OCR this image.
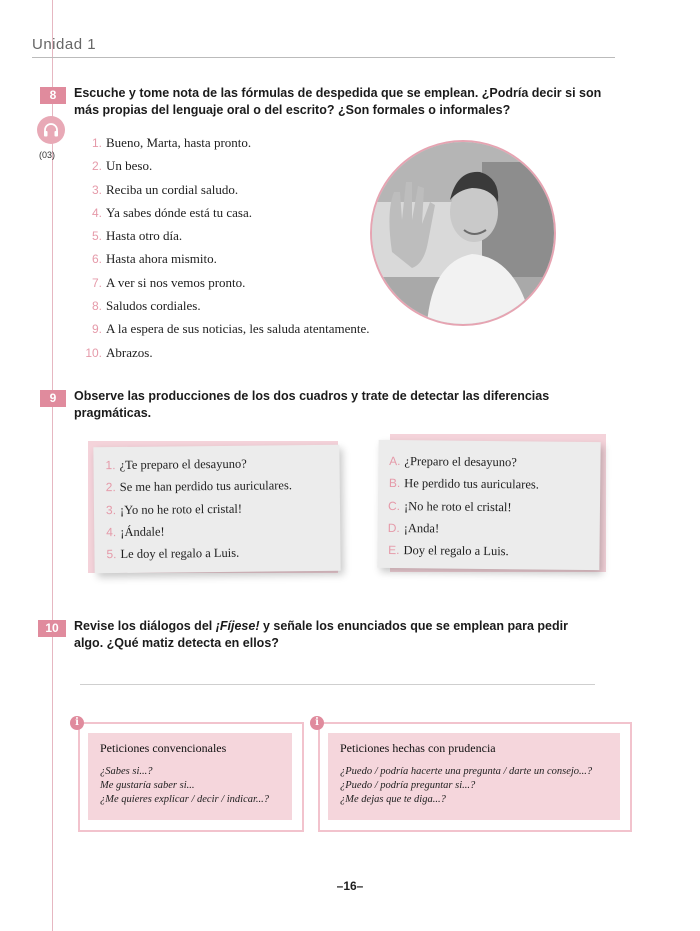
Unidad 1
8	Escuche y tome nota de las fórmulas de despedida que se emplean. ¿Podría decir si son más propias del lenguaje oral o del escrito? ¿Son formales o informales?
(03)
1. Bueno, Marta, hasta pronto.
2. Un beso.
3. Reciba un cordial saludo.
4. Ya sabes dónde está tu casa.
5. Hasta otro día.
6. Hasta ahora mismito.
7. A ver si nos vemos pronto.
8. Saludos cordiales.
9. A la espera de sus noticias, les saluda atentamente.
10. Abrazos.
9	Observe las producciones de los dos cuadros y trate de detectar las diferencias pragmáticas.
1. ¿Te preparo el desayuno?
2. Se me han perdido tus auriculares.
3. ¡Yo no he roto el cristal!
4. ¡Ándale!
5. Le doy el regalo a Luis.
A. ¿Preparo el desayuno?
B. He perdido tus auriculares.
C. ¡No he roto el cristal!
D. ¡Anda!
E. Doy el regalo a Luis.
10	Revise los diálogos del ¡Fíjese! y señale los enunciados que se emplean para pedir algo. ¿Qué matiz detecta en ellos?
Peticiones convencionales
¿Sabes si...?
Me gustaría saber si...
¿Me quieres explicar / decir / indicar...?
i
Peticiones hechas con prudencia
¿Puedo / podría hacerte una pregunta / darte un consejo...?
¿Puedo / podría preguntar si...?
¿Me dejas que te diga...?
i
–16–
